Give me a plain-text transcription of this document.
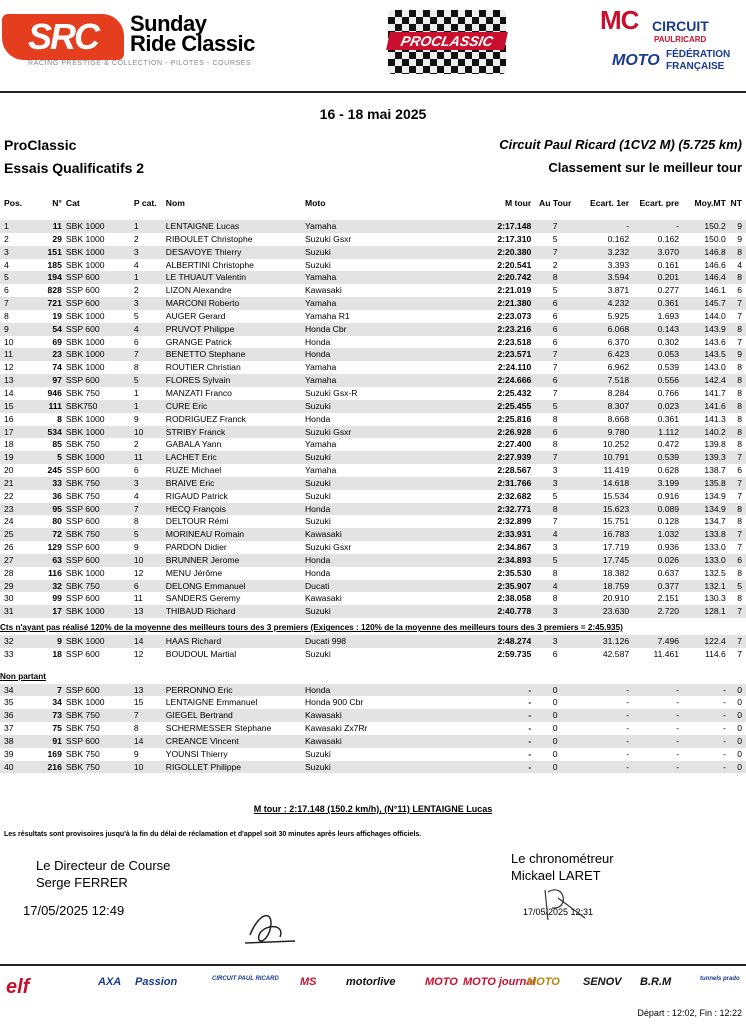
SRC	Sunday
Ride Classic
RACING PRESTIGE & COLLECTION - PILOTES - COURSES
PROCLASSIC
MC CIRCUIT
PAULRICARD
MOTO FÉDÉRATION
FRANÇAISE
16 - 18 mai 2025
ProClassic
Essais Qualificatifs 2
Circuit Paul Ricard (1CV2 M) (5.725 km)
Classement sur le meilleur tour
Pos.	N°	Cat	P cat.	Nom	Moto	M tour	Au Tour	Ecart. 1er	Ecart. pre	Moy.MT	NT

1	11	SBK 1000	1	LENTAIGNE Lucas	Yamaha	2:17.148	7	-	-	150.2	9
2	29	SBK 1000	2	RIBOULET Christophe	Suzuki Gsxr	2:17.310	5	0.162	0.162	150.0	9
3	151	SBK 1000	3	DESAVOYE Thierry	Suzuki	2:20.380	7	3.232	3.070	146.8	8
4	185	SBK 1000	4	ALBERTINI Christophe	Suzuki	2:20.541	2	3.393	0.161	146.6	4
5	194	SSP 600	1	LE THUAUT Valentin	Yamaha	2:20.742	8	3.594	0.201	146.4	8
6	828	SSP 600	2	LIZON Alexandre	Kawasaki	2:21.019	5	3.871	0.277	146.1	6
7	721	SSP 600	3	MARCONI Roberto	Yamaha	2:21.380	6	4.232	0.361	145.7	7
8	19	SBK 1000	5	AUGER Gerard	Yamaha R1	2:23.073	6	5.925	1.693	144.0	7
9	54	SSP 600	4	PRUVOT Philippe	Honda Cbr	2:23.216	6	6.068	0.143	143.9	8
10	69	SBK 1000	6	GRANGE Patrick	Honda	2:23.518	6	6.370	0.302	143.6	7
11	23	SBK 1000	7	BENETTO Stephane	Honda	2:23.571	7	6.423	0.053	143.5	9
12	74	SBK 1000	8	ROUTIER Christian	Yamaha	2:24.110	7	6.962	0.539	143.0	8
13	97	SSP 600	5	FLORES Sylvain	Yamaha	2:24.666	6	7.518	0.556	142.4	8
14	946	SBK 750	1	MANZATI Franco	Suzuki Gsx-R	2:25.432	7	8.284	0.766	141.7	8
15	111	SBK750	1	CURE Eric	Suzuki	2:25.455	5	8.307	0.023	141.6	8
16	8	SBK 1000	9	RODRIGUEZ Franck	Honda	2:25.816	8	8.668	0.361	141.3	8
17	534	SBK 1000	10	STRIBY Franck	Suzuki Gsxr	2:26.928	6	9.780	1.112	140.2	8
18	85	SBK 750	2	GABALA Yann	Yamaha	2:27.400	8	10.252	0.472	139.8	8
19	5	SBK 1000	11	LACHET Eric	Suzuki	2:27.939	7	10.791	0.539	139.3	7
20	245	SSP 600	6	RUZE Michael	Yamaha	2:28.567	3	11.419	0.628	138.7	6
21	33	SBK 750	3	BRAIVE Eric	Suzuki	2:31.766	3	14.618	3.199	135.8	7
22	36	SBK 750	4	RIGAUD Patrick	Suzuki	2:32.682	5	15.534	0.916	134.9	7
23	95	SSP 600	7	HECQ François	Honda	2:32.771	8	15.623	0.089	134.9	8
24	80	SSP 600	8	DELTOUR Rémi	Suzuki	2:32.899	7	15.751	0.128	134.7	8
25	72	SBK 750	5	MORINEAU Romain	Kawasaki	2:33.931	4	16.783	1.032	133.8	7
26	129	SSP 600	9	PARDON Didier	Suzuki Gsxr	2:34.867	3	17.719	0.936	133.0	7
27	63	SSP 600	10	BRUNNER Jerome	Honda	2:34.893	5	17.745	0.026	133.0	6
28	116	SBK 1000	12	MENU Jérôme	Honda	2:35.530	8	18.382	0.637	132.5	8
29	32	SBK 750	6	DELONG Emmanuel	Ducati	2:35.907	4	18.759	0.377	132.1	5
30	99	SSP 600	11	SANDERS Geremy	Kawasaki	2:38.058	8	20.910	2.151	130.3	8
31	17	SBK 1000	13	THIBAUD Richard	Suzuki	2:40.778	3	23.630	2.720	128.1	7

Cts n'ayant pas réalisé 120% de la moyenne des meilleurs tours des 3 premiers (Exigences : 120% de la moyenne des meilleurs tours des 3 premiers = 2:45.935)											
32	9	SBK 1000	14	HAAS Richard	Ducati 998	2:48.274	3	31.126	7.496	122.4	7
33	18	SSP 600	12	BOUDOUL Martial	Suzuki	2:59.735	6	42.587	11.461	114.6	7

Non partant											
34	7	SSP 600	13	PERRONNO Eric	Honda	-	0	-	-	-	0
35	34	SBK 1000	15	LENTAIGNE Emmanuel	Honda 900 Cbr	-	0	-	-	-	0
36	73	SBK 750	7	GIEGEL Bertrand	Kawasaki	-	0	-	-	-	0
37	75	SBK 750	8	SCHERMESSER Stephane	Kawasaki Zx7Rr	-	0	-	-	-	0
38	91	SSP 600	14	CREANCE Vincent	Kawasaki	-	0	-	-	-	0
39	169	SBK 750	9	YOUNSI Thierry	Suzuki	-	0	-	-	-	0
40	216	SBK 750	10	RIGOLLET Philippe	Suzuki	-	0	-	-	-	0
M tour : 2:17.148 (150.2 km/h), (N°11) LENTAIGNE Lucas
Les résultats sont provisoires jusqu'à la fin du délai de réclamation et d'appel soit 30 minutes après leurs affichages officiels.
Le Directeur de Course
Serge FERRER
17/05/2025 12:49
Le chronométreur
Mickael LARET
17/05/2025 12:31
elf	AXA Passion	CIRCUIT PAUL RICARD MS	motorlive	MOTO MOTO journal
MOTO SENOV B.R.M	tunnels prado
Départ : 12:02, Fin : 12:22
